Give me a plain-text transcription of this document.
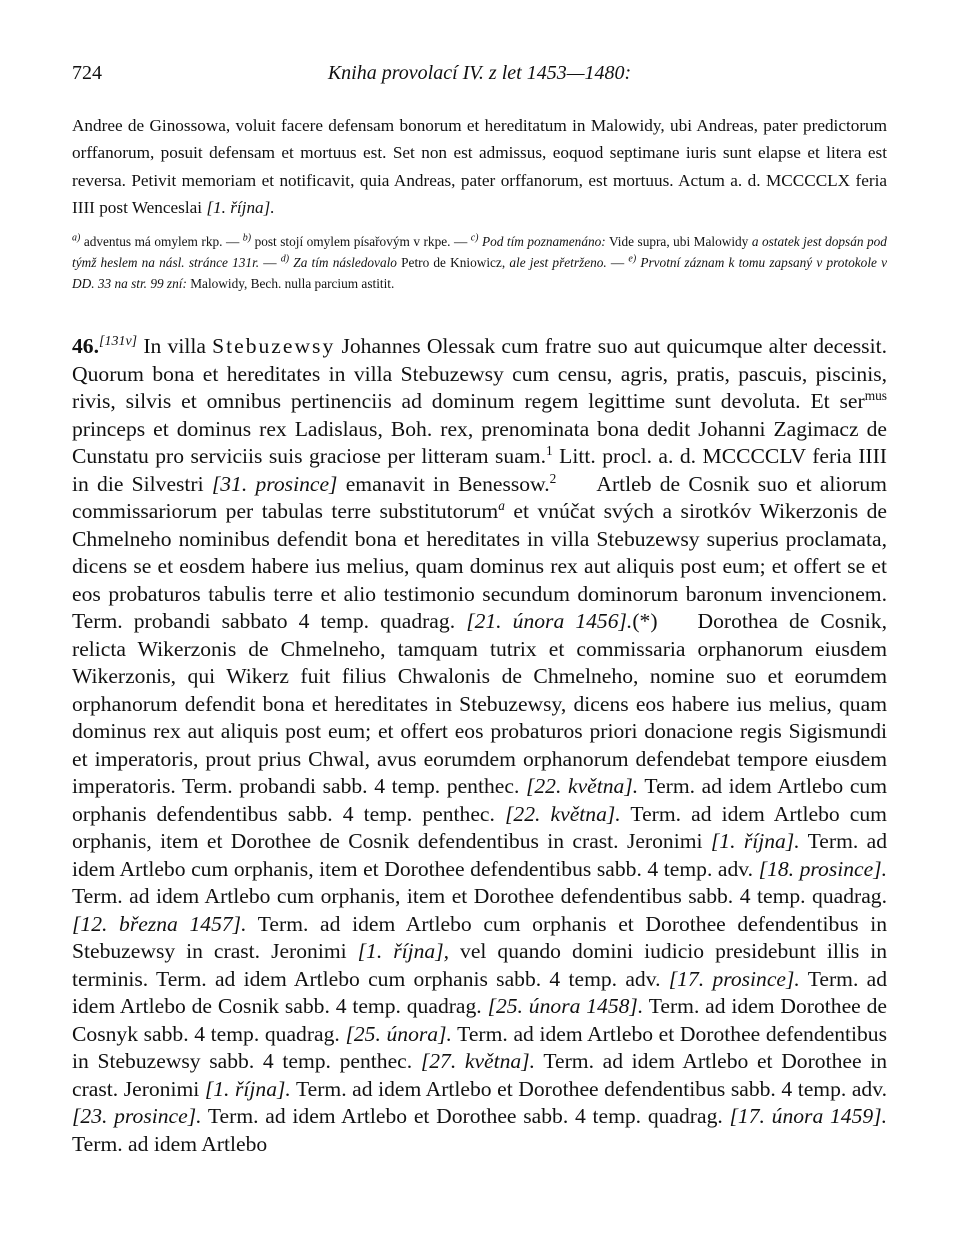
724	Kniha provolací IV. z let 1453—1480:
Andree de Ginossowa, voluit facere defensam bonorum et hereditatum in Malowidy, ubi Andreas, pater predictorum orffanorum, posuit defensam et mortuus est. Set non est admissus, eoquod septimane iuris sunt elapse et litera est reversa. Petivit memoriam et notificavit, quia Andreas, pater orffanorum, est mortuus. Actum a. d. MCCCCLX feria IIII post Wenceslai [1. října].
$^{a)}$ adventus má omylem rkp. — $^{b)}$ post stojí omylem písařovým v rkpe. — $^{c)}$ Pod tím poznamenáno: Vide supra, ubi Malowidy a ostatek jest dopsán pod týmž heslem na násl. stránce 131r. — $^{d)}$ Za tím následovalo Petro de Kniowicz, ale jest přetrženo. — $^{e)}$ Prvotní záznam k tomu zapsaný v protokole v DD. 33 na str. 99 zní: Malowidy, Bech. nulla parcium astitit.
46.[131v] In villa Stebuzewsy Johannes Olessak cum fratre suo aut quicumque alter decessit. Quorum bona et hereditates in villa Stebuzewsy cum censu, agris, pratis, pascuis, piscinis, rivis, silvis et omnibus pertinenciis ad dominum regem legittime sunt devoluta. Et ser$^{mus}$ princeps et dominus rex Ladislaus, Boh. rex, prenominata bona dedit Johanni Zagimacz de Cunstatu pro serviciis suis graciose per litteram suam.$^1$ Litt. procl. a. d. MCCCCLV feria IIII in die Silvestri [31. prosince] emanavit in Benessow.$^2$ Artleb de Cosnik suo et aliorum commissariorum per tabulas terre substitutorum$^a$ et vnúčat svých a sirotkóv Wikerzonis de Chmelneho nominibus defendit bona et hereditates in villa Stebuzewsy superius proclamata, dicens se et eosdem habere ius melius, quam dominus rex aut aliquis post eum; et offert se et eos probaturos tabulis terre et alio testimonio secundum dominorum baronum invencionem. Term. probandi sabbato 4 temp. quadrag. [21. února 1456].(*) Dorothea de Cosnik, relicta Wikerzonis de Chmelneho, tamquam tutrix et commissaria orphanorum eiusdem Wikerzonis, qui Wikerz fuit filius Chwalonis de Chmelneho, nomine suo et eorumdem orphanorum defendit bona et hereditates in Stebuzewsy, dicens eos habere ius melius, quam dominus rex aut aliquis post eum; et offert eos probaturos priori donacione regis Sigismundi et imperatoris, prout prius Chwal, avus eorumdem orphanorum defendebat tempore eiusdem imperatoris. Term. probandi sabb. 4 temp. penthec. [22. května]. Term. ad idem Artlebo cum orphanis defendentibus sabb. 4 temp. penthec. [22. května]. Term. ad idem Artlebo cum orphanis, item et Dorothee de Cosnik defendentibus in crast. Jeronimi [1. října]. Term. ad idem Artlebo cum orphanis, item et Dorothee defendentibus sabb. 4 temp. adv. [18. prosince]. Term. ad idem Artlebo cum orphanis, item et Dorothee defendentibus sabb. 4 temp. quadrag. [12. března 1457]. Term. ad idem Artlebo cum orphanis et Dorothee defendentibus in Stebuzewsy in crast. Jeronimi [1. října], vel quando domini iudicio presidebunt illis in terminis. Term. ad idem Artlebo cum orphanis sabb. 4 temp. adv. [17. prosince]. Term. ad idem Artlebo de Cosnik sabb. 4 temp. quadrag. [25. února 1458]. Term. ad idem Dorothee de Cosnyk sabb. 4 temp. quadrag. [25. února]. Term. ad idem Artlebo et Dorothee defendentibus in Stebuzewsy sabb. 4 temp. penthec. [27. května]. Term. ad idem Artlebo et Dorothee in crast. Jeronimi [1. října]. Term. ad idem Artlebo et Dorothee defendentibus sabb. 4 temp. adv. [23. prosince]. Term. ad idem Artlebo et Dorothee sabb. 4 temp. quadrag. [17. února 1459]. Term. ad idem Artlebo
